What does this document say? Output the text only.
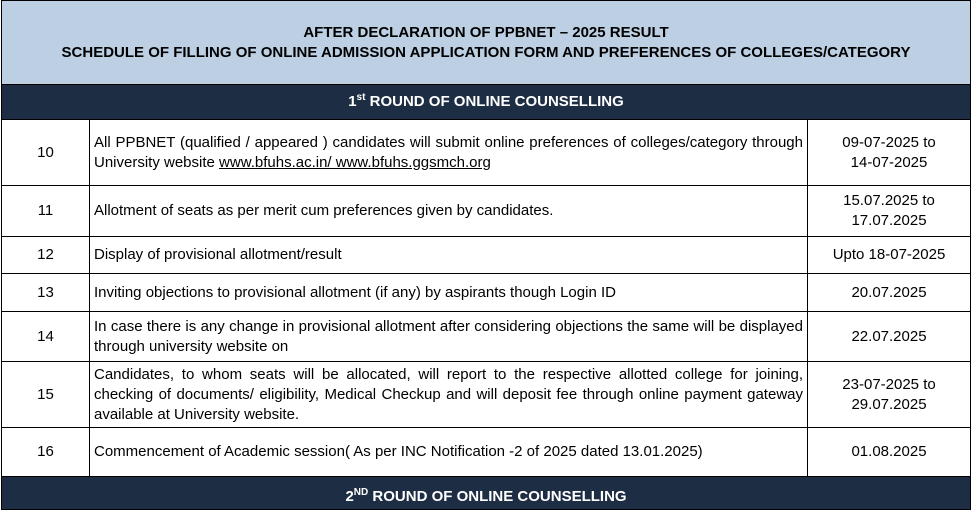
AFTER DECLARATION OF PPBNET – 2025 RESULT
SCHEDULE OF FILLING OF ONLINE ADMISSION APPLICATION FORM AND PREFERENCES OF COLLEGES/CATEGORY		

1st ROUND OF ONLINE COUNSELLING		
10	All PPBNET (qualified / appeared ) candidates will submit online preferences of colleges/category through University website www.bfuhs.ac.in/ www.bfuhs.ggsmch.org	09-07-2025 to
14-07-2025

11	Allotment of seats as per merit cum preferences given by candidates.	15.07.2025 to
17.07.2025

12	Display of provisional allotment/result	Upto 18-07-2025
13	Inviting objections to provisional allotment (if any) by aspirants though Login ID	20.07.2025
14	In case there is any change in provisional allotment after considering objections the same will be displayed through university website on	22.07.2025
15	Candidates, to whom seats will be allocated, will report to the respective allotted college for joining, checking of documents/ eligibility, Medical Checkup and will deposit fee through online payment gateway available at University website.	23-07-2025 to
29.07.2025

16	Commencement of Academic session( As per INC Notification -2 of 2025 dated 13.01.2025)	01.08.2025

2ND ROUND OF ONLINE COUNSELLING		
